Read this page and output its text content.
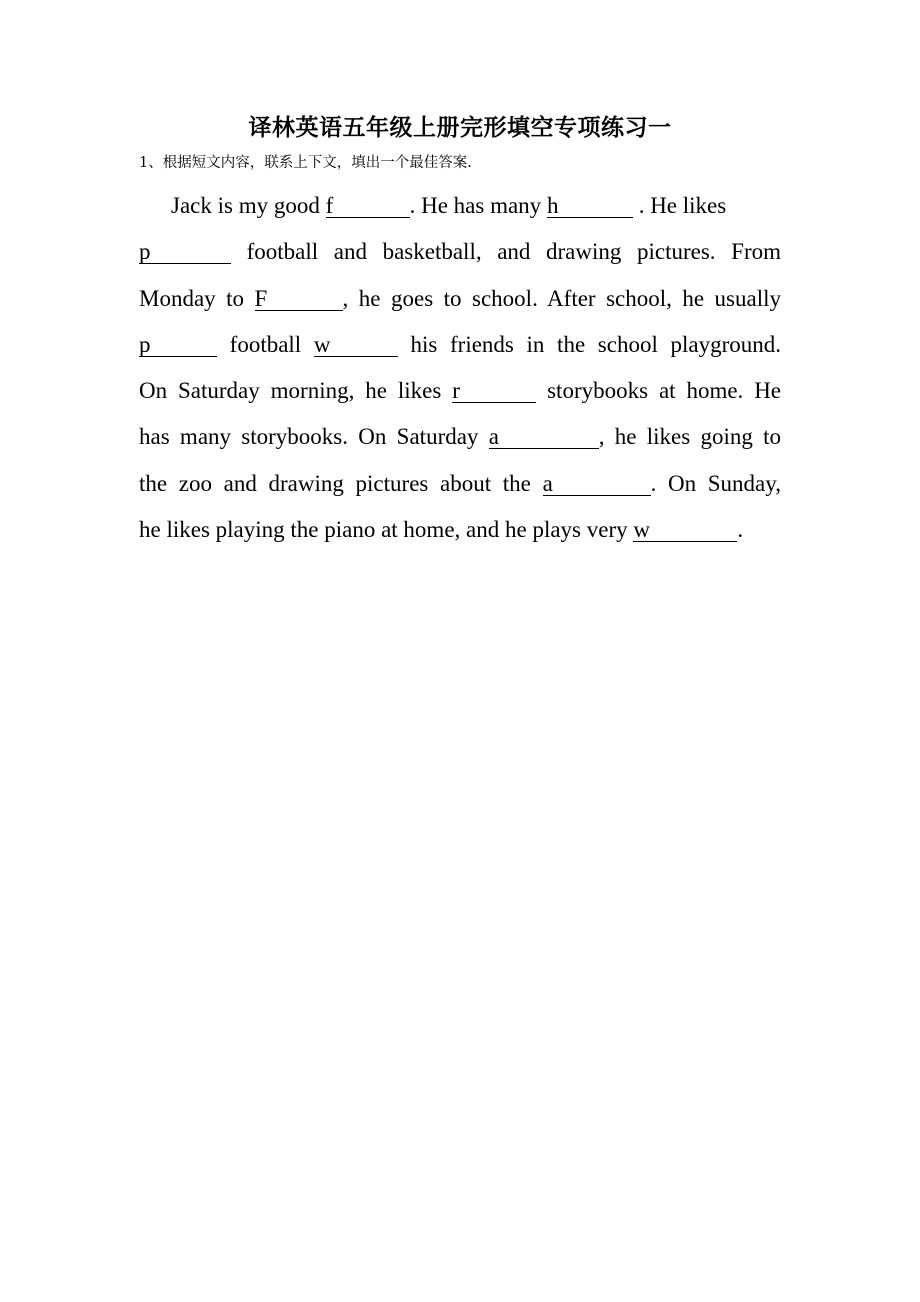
译林英语五年级上册完形填空专项练习一
1、根据短文内容，联系上下文，填出一个最佳答案.
Jack is my good f	. He has many h	. He likes
p	football and basketball, and drawing pictures. From
Monday to F	, he goes to school. After school, he usually
p	football w	his friends in the school playground.
On Saturday morning, he likes r	storybooks at home. He
has many storybooks. On Saturday a	, he likes going to
the zoo and drawing pictures about the a	. On Sunday,
he likes playing the piano at home, and he plays very w	.
